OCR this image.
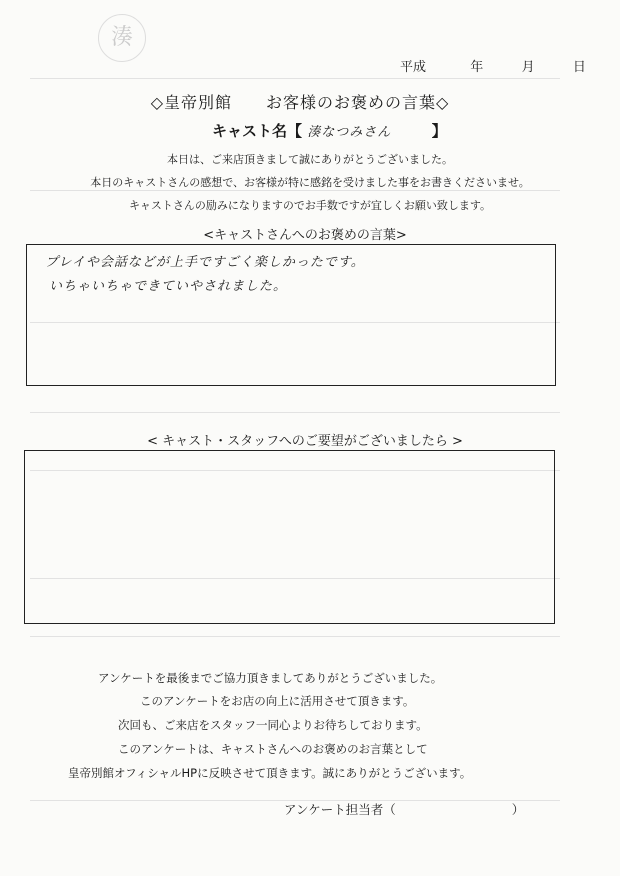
湊
平成	年	月	日
◇皇帝別館　　お客様のお褒めの言葉◇
キャスト名【 湊なつみさん	】
本日は、ご来店頂きまして誠にありがとうございました。
本日のキャストさんの感想で、お客様が特に感銘を受けました事をお書きくださいませ。
キャストさんの励みになりますのでお手数ですが宜しくお願い致します。
<キャストさんへのお褒めの言葉>
プレイや会話などが上手ですごく楽しかったです。
いちゃいちゃできていやされました。
< キャスト・スタッフへのご要望がございましたら >
アンケートを最後までご協力頂きましてありがとうございました。
このアンケートをお店の向上に活用させて頂きます。
次回も、ご来店をスタッフ一同心よりお待ちしております。
このアンケートは、キャストさんへのお褒めのお言葉として
皇帝別館オフィシャルHPに反映させて頂きます。誠にありがとうございます。
アンケート担当者（	）
